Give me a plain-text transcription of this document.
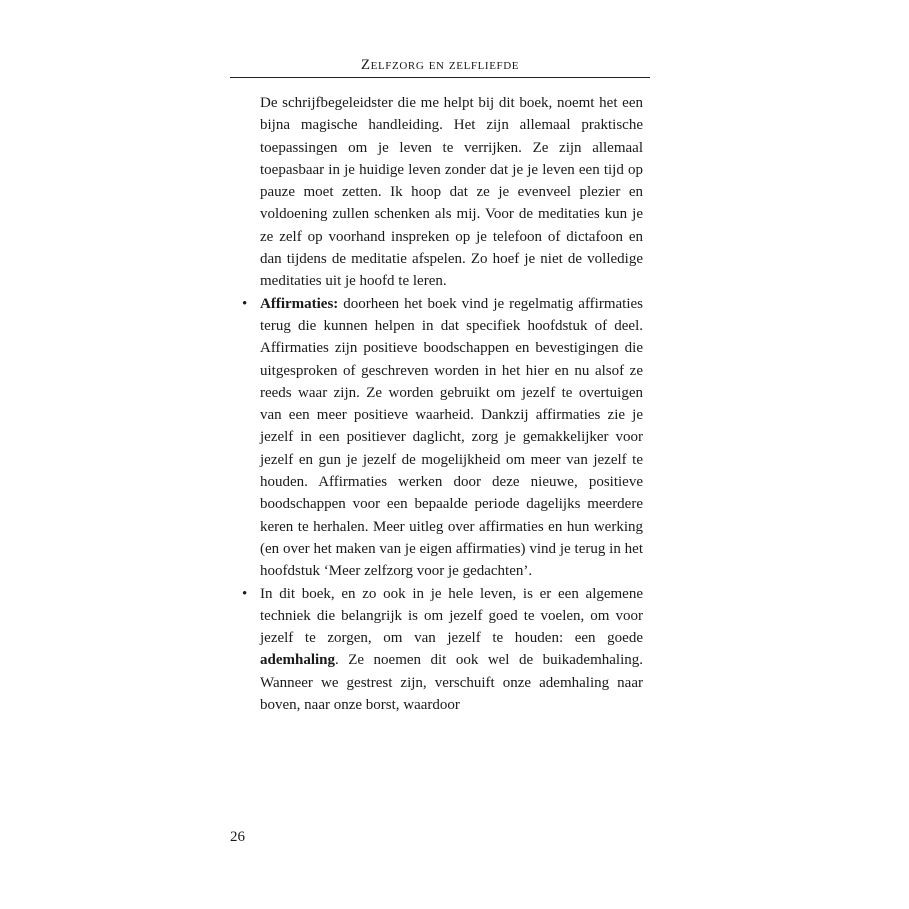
Zelfzorg en zelfliefde

De schrijfbegeleidster die me helpt bij dit boek, noemt het een bijna magische handleiding. Het zijn allemaal praktische toepassingen om je leven te verrijken. Ze zijn allemaal toepasbaar in je huidige leven zonder dat je je leven een tijd op pauze moet zetten. Ik hoop dat ze je evenveel plezier en voldoening zullen schenken als mij. Voor de meditaties kun je ze zelf op voorhand inspreken op je telefoon of dictafoon en dan tijdens de meditatie afspelen. Zo hoef je niet de volledige meditaties uit je hoofd te leren.

• Affirmaties: doorheen het boek vind je regelmatig affirmaties terug die kunnen helpen in dat specifiek hoofdstuk of deel. Affirmaties zijn positieve boodschappen en bevestigingen die uitgesproken of geschreven worden in het hier en nu alsof ze reeds waar zijn. Ze worden gebruikt om jezelf te overtuigen van een meer positieve waarheid. Dankzij affirmaties zie je jezelf in een positiever daglicht, zorg je gemakkelijker voor jezelf en gun je jezelf de mogelijkheid om meer van jezelf te houden. Affirmaties werken door deze nieuwe, positieve boodschappen voor een bepaalde periode dagelijks meerdere keren te herhalen. Meer uitleg over affirmaties en hun werking (en over het maken van je eigen affirmaties) vind je terug in het hoofdstuk ‘Meer zelfzorg voor je gedachten’.

• In dit boek, en zo ook in je hele leven, is er een algemene techniek die belangrijk is om jezelf goed te voelen, om voor jezelf te zorgen, om van jezelf te houden: een goede ademhaling. Ze noemen dit ook wel de buikademhaling. Wanneer we gestrest zijn, verschuift onze ademhaling naar boven, naar onze borst, waardoor

26
